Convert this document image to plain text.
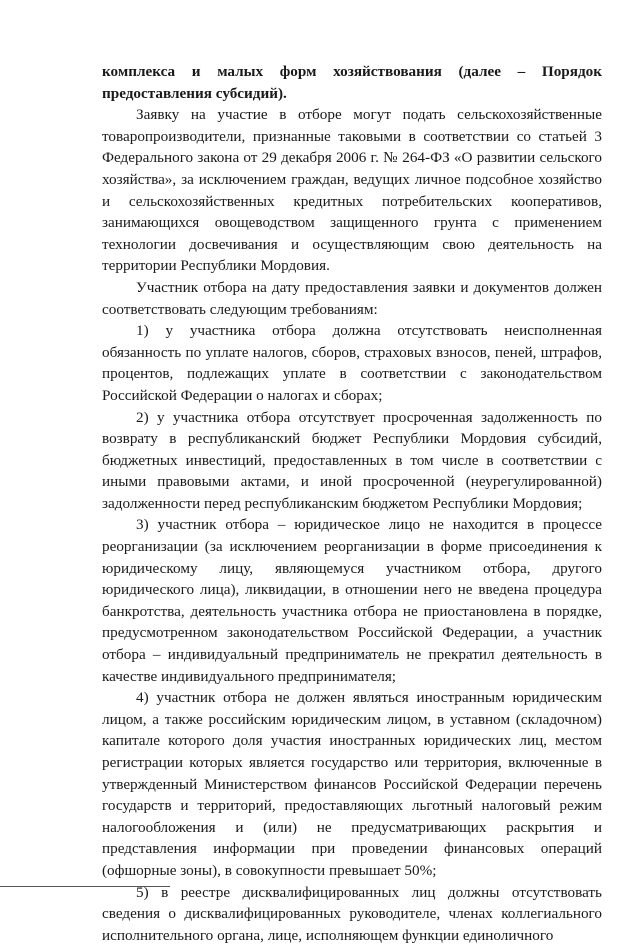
комплекса и малых форм хозяйствования (далее – Порядок предоставления субсидий).

Заявку на участие в отборе могут подать сельскохозяйственные товаропроизводители, признанные таковыми в соответствии со статьей 3 Федерального закона от 29 декабря 2006 г. № 264-ФЗ «О развитии сельского хозяйства», за исключением граждан, ведущих личное подсобное хозяйство и сельскохозяйственных кредитных потребительских кооперативов, занимающихся овощеводством защищенного грунта с применением технологии досвечивания и осуществляющим свою деятельность на территории Республики Мордовия.

Участник отбора на дату предоставления заявки и документов должен соответствовать следующим требованиям:

1) у участника отбора должна отсутствовать неисполненная обязанность по уплате налогов, сборов, страховых взносов, пеней, штрафов, процентов, подлежащих уплате в соответствии с законодательством Российской Федерации о налогах и сборах;

2) у участника отбора отсутствует просроченная задолженность по возврату в республиканский бюджет Республики Мордовия субсидий, бюджетных инвестиций, предоставленных в том числе в соответствии с иными правовыми актами, и иной просроченной (неурегулированной) задолженности перед республиканским бюджетом Республики Мордовия;

3) участник отбора – юридическое лицо не находится в процессе реорганизации (за исключением реорганизации в форме присоединения к юридическому лицу, являющемуся участником отбора, другого юридического лица), ликвидации, в отношении него не введена процедура банкротства, деятельность участника отбора не приостановлена в порядке, предусмотренном законодательством Российской Федерации, а участник отбора – индивидуальный предприниматель не прекратил деятельность в качестве индивидуального предпринимателя;

4) участник отбора не должен являться иностранным юридическим лицом, а также российским юридическим лицом, в уставном (складочном) капитале которого доля участия иностранных юридических лиц, местом регистрации которых является государство или территория, включенные в утвержденный Министерством финансов Российской Федерации перечень государств и территорий, предоставляющих льготный налоговый режим налогообложения и (или) не предусматривающих раскрытия и представления информации при проведении финансовых операций (офшорные зоны), в совокупности превышает 50%;

5) в реестре дисквалифицированных лиц должны отсутствовать сведения о дисквалифицированных руководителе, членах коллегиального исполнительного органа, лице, исполняющем функции единоличного
